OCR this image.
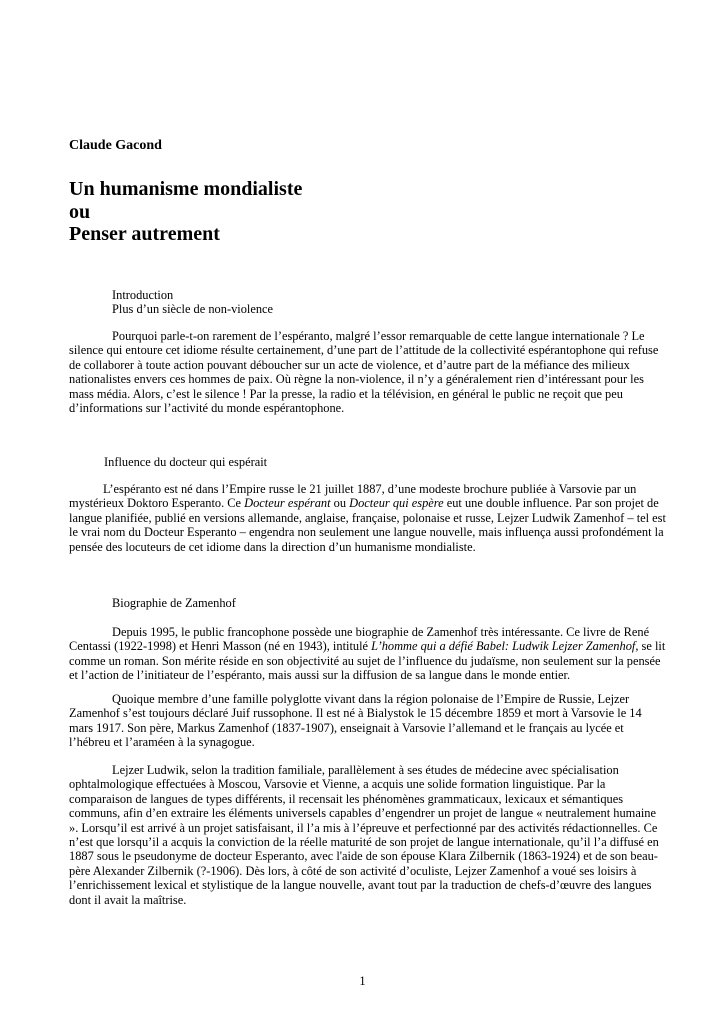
Claude Gacond
Un humanisme mondialiste
ou
Penser autrement
Introduction
Plus d’un siècle de non-violence
Pourquoi parle-t-on rarement de l’espéranto, malgré l’essor remarquable de cette langue internationale ? Le
silence qui entoure cet idiome résulte certainement, d’une part de l’attitude de la collectivité espérantophone qui refuse
de collaborer à toute action pouvant déboucher sur un acte de violence, et d’autre part de la méfiance des milieux
nationalistes envers ces hommes de paix. Où règne la non-violence, il n’y a généralement rien d’intéressant pour les
mass média. Alors, c’est le silence ! Par la presse, la radio et la télévision, en général le public ne reçoit que peu
d’informations sur l’activité du monde espérantophone.
Influence du docteur qui espérait
L’espéranto est né dans l’Empire russe le 21 juillet 1887, d’une modeste brochure publiée à Varsovie par un
mystérieux Doktoro Esperanto. Ce Docteur espérant ou Docteur qui espère eut une double influence. Par son projet de
langue planifiée, publié en versions allemande, anglaise, française, polonaise et russe, Lejzer Ludwik Zamenhof – tel est
le vrai nom du Docteur Esperanto – engendra non seulement une langue nouvelle, mais influença aussi profondément la
pensée des locuteurs de cet idiome dans la direction d’un humanisme mondialiste.
Biographie de Zamenhof
Depuis 1995, le public francophone possède une biographie de Zamenhof très intéressante. Ce livre de René
Centassi (1922-1998) et Henri Masson (né en 1943), intitulé L’homme qui a défié Babel: Ludwik Lejzer Zamenhof, se lit
comme un roman. Son mérite réside en son objectivité au sujet de l’influence du judaïsme, non seulement sur la pensée
et l’action de l’initiateur de l’espéranto, mais aussi sur la diffusion de sa langue dans le monde entier.
Quoique membre d’une famille polyglotte vivant dans la région polonaise de l’Empire de Russie, Lejzer
Zamenhof s’est toujours déclaré Juif russophone. Il est né à Bialystok le 15 décembre 1859 et mort à Varsovie le 14
mars 1917. Son père, Markus Zamenhof (1837-1907), enseignait à Varsovie l’allemand et le français au lycée et
l’hébreu et l’araméen à la synagogue.
Lejzer Ludwik, selon la tradition familiale, parallèlement à ses études de médecine avec spécialisation
ophtalmologique effectuées à Moscou, Varsovie et Vienne, a acquis une solide formation linguistique. Par la
comparaison de langues de types différents, il recensait les phénomènes grammaticaux, lexicaux et sémantiques
communs, afin d’en extraire les éléments universels capables d’engendrer un projet de langue « neutralement humaine
». Lorsqu’il est arrivé à un projet satisfaisant, il l’a mis à l’épreuve et perfectionné par des activités rédactionnelles. Ce
n’est que lorsqu’il a acquis la conviction de la réelle maturité de son projet de langue internationale, qu’il l’a diffusé en
1887 sous le pseudonyme de docteur Esperanto, avec l'aide de son épouse Klara Zilbernik (1863-1924) et de son beau-
père Alexander Zilbernik (?-1906). Dès lors, à côté de son activité d’oculiste, Lejzer Zamenhof a voué ses loisirs à
l’enrichissement lexical et stylistique de la langue nouvelle, avant tout par la traduction de chefs-d’œuvre des langues
dont il avait la maîtrise.
1
